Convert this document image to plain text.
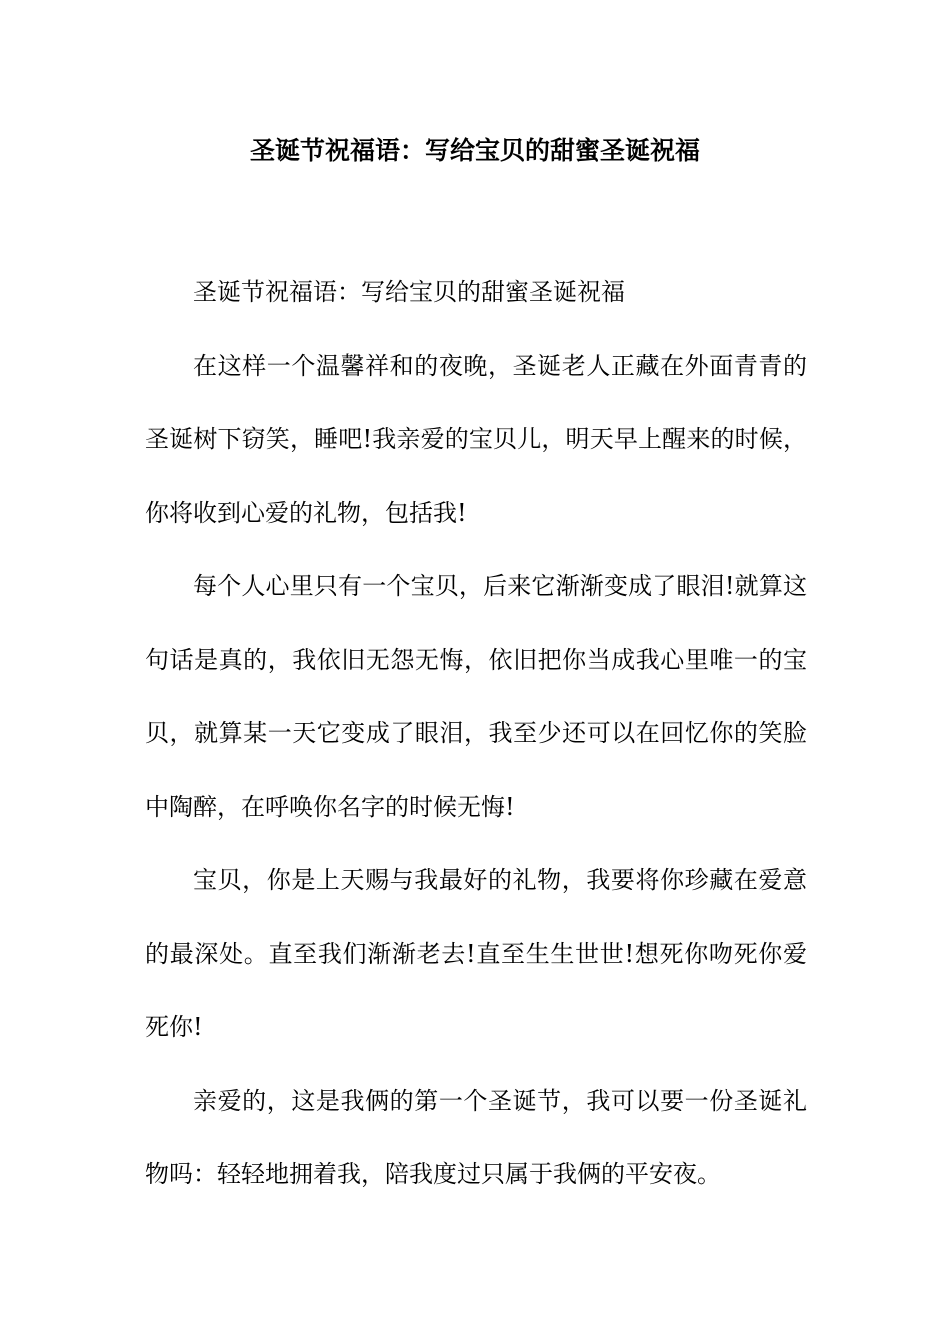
圣诞节祝福语：写给宝贝的甜蜜圣诞祝福

圣诞节祝福语：写给宝贝的甜蜜圣诞祝福

在这样一个温馨祥和的夜晚，圣诞老人正藏在外面青青的圣诞树下窃笑，睡吧!我亲爱的宝贝儿，明天早上醒来的时候，你将收到心爱的礼物，包括我!

每个人心里只有一个宝贝，后来它渐渐变成了眼泪!就算这句话是真的，我依旧无怨无悔，依旧把你当成我心里唯一的宝贝，就算某一天它变成了眼泪，我至少还可以在回忆你的笑脸中陶醉，在呼唤你名字的时候无悔!

宝贝，你是上天赐与我最好的礼物，我要将你珍藏在爱意的最深处。直至我们渐渐老去!直至生生世世!想死你吻死你爱死你!

亲爱的，这是我俩的第一个圣诞节，我可以要一份圣诞礼物吗：轻轻地拥着我，陪我度过只属于我俩的平安夜。
